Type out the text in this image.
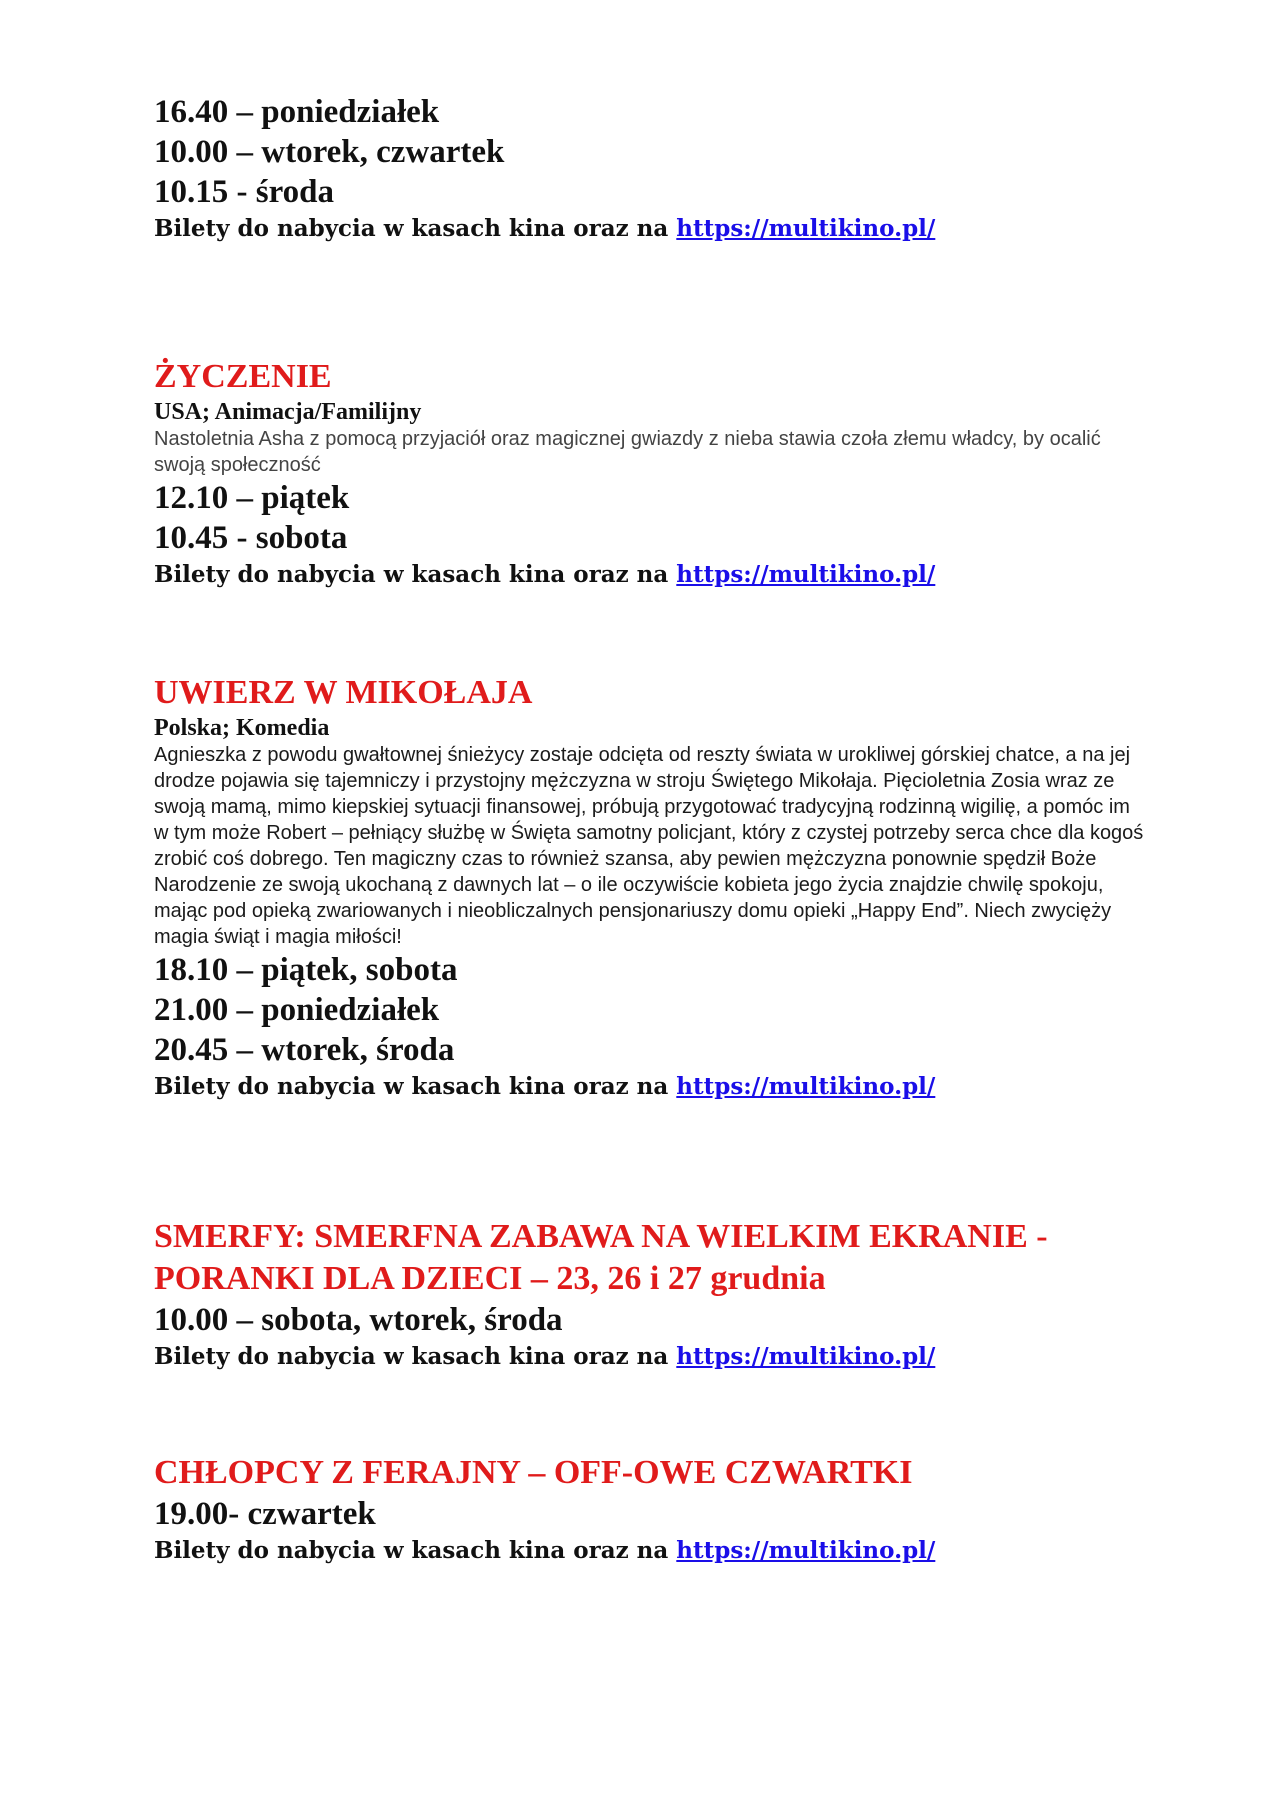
16.40 – poniedziałek
10.00 – wtorek, czwartek
10.15 - środa
Bilety do nabycia w kasach kina oraz na https://multikino.pl/
ŻYCZENIE
USA; Animacja/Familijny
Nastoletnia Asha z pomocą przyjaciół oraz magicznej gwiazdy z nieba stawia czoła złemu władcy, by ocalić swoją społeczność
12.10 – piątek
10.45 - sobota
Bilety do nabycia w kasach kina oraz na https://multikino.pl/
UWIERZ W MIKOŁAJA
Polska; Komedia
Agnieszka z powodu gwałtownej śnieżycy zostaje odcięta od reszty świata w urokliwej górskiej chatce, a na jej drodze pojawia się tajemniczy i przystojny mężczyzna w stroju Świętego Mikołaja. Pięcioletnia Zosia wraz ze swoją mamą, mimo kiepskiej sytuacji finansowej, próbują przygotować tradycyjną rodzinną wigilię, a pomóc im w tym może Robert – pełniący służbę w Święta samotny policjant, który z czystej potrzeby serca chce dla kogoś zrobić coś dobrego. Ten magiczny czas to również szansa, aby pewien mężczyzna ponownie spędził Boże Narodzenie ze swoją ukochaną z dawnych lat – o ile oczywiście kobieta jego życia znajdzie chwilę spokoju, mając pod opieką zwariowanych i nieobliczalnych pensjonariuszy domu opieki „Happy End”. Niech zwycięży magia świąt i magia miłości!
18.10 – piątek, sobota
21.00 – poniedziałek
20.45 – wtorek, środa
Bilety do nabycia w kasach kina oraz na https://multikino.pl/
SMERFY: SMERFNA ZABAWA NA WIELKIM EKRANIE - PORANKI DLA DZIECI – 23, 26 i 27 grudnia
10.00 – sobota, wtorek, środa
Bilety do nabycia w kasach kina oraz na https://multikino.pl/
CHŁOPCY Z FERAJNY – OFF-OWE CZWARTKI
19.00- czwartek
Bilety do nabycia w kasach kina oraz na https://multikino.pl/
